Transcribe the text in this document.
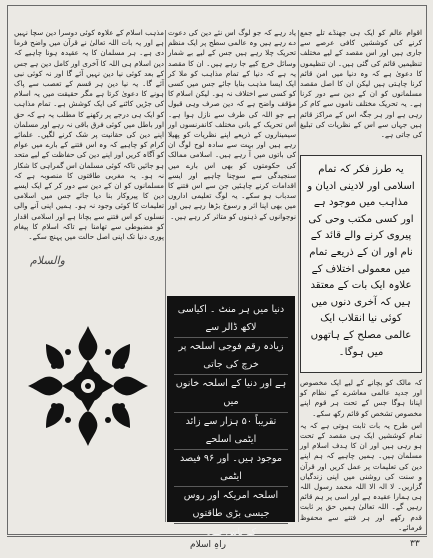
مذہب اسلام کے علاوہ کوئی دوسرا دین سچا نہیں ہے اور یہ بات اللہ تعالیٰ نے قرآن میں واضح فرما دی ہے۔ ہر مسلمان کا یہ عقیدہ ہونا چاہیے کہ دین اسلام ہی اللہ کا آخری اور کامل دین ہے جس کے بعد کوئی نیا دین نہیں آئے گا اور نہ کوئی نبی آئے گا۔ یہ نیا دین ہر قسم کے تعصب سے پاک ہونے کا دعویٰ کرتا ہے مگر حقیقت میں یہ اسلام کی جڑیں کاٹنے کی ایک کوشش ہے۔ تمام مذاہب کو ایک ہی درجے پر رکھنے کا مطلب یہ ہے کہ حق اور باطل میں کوئی فرق باقی نہ رہے اور مسلمان اپنے دین کی حقانیت پر شک کرنے لگیں۔ علمائے کرام کو چاہیے کہ وہ اس فتنے کے بارے میں عوام کو آگاہ کریں اور اپنے دین کی حفاظت کے لیے متحد ہو جائیں تاکہ کوئی مسلمان اس گمراہی کا شکار نہ ہو۔ یہ مغربی طاقتوں کا منصوبہ ہے کہ مسلمانوں کو ان کے دین سے دور کر کے ایک ایسے دین کا پیروکار بنا دیا جائے جس میں اسلامی تعلیمات کا کوئی وجود نہ ہو۔ ہمیں اپنی آنے والی نسلوں کو اس فتنے سے بچانا ہے اور اسلامی اقدار کو مضبوطی سے تھامنا ہے تاکہ اسلام کا پیغام پوری دنیا تک اپنی اصل حالت میں پہنچ سکے۔

والسلام

یاد رہے کہ جو لوگ اس نئے دین کی دعوت دے رہے ہیں وہ عالمی سطح پر ایک منظم تحریک چلا رہے ہیں جس کے لیے بے شمار وسائل خرچ کیے جا رہے ہیں۔ ان کا مقصد یہ ہے کہ دنیا کے تمام مذاہب کو ملا کر ایک ایسا مذہب بنایا جائے جس میں کسی کو کسی سے اختلاف نہ ہو۔ لیکن اسلام کا مؤقف واضح ہے کہ دین صرف وہی قبول ہے جو اللہ کی طرف سے نازل ہوا ہے۔ اس تحریک کے بانی مختلف کانفرنسوں اور سیمیناروں کے ذریعے اپنے نظریات کو پھیلا رہے ہیں اور بہت سے سادہ لوح لوگ ان کی باتوں میں آ رہے ہیں۔ اسلامی ممالک کی حکومتوں کو بھی اس بارے میں سنجیدگی سے سوچنا چاہیے اور ایسے اقدامات کرنے چاہئیں جن سے اس فتنے کا سدباب ہو سکے۔ یہ لوگ تعلیمی اداروں میں بھی اپنا اثر و رسوخ بڑھا رہے ہیں اور نوجوانوں کے ذہنوں کو متاثر کر رہے ہیں۔

اقوام عالم کو ایک ہی جھنڈے تلے جمع کرنے کی کوششیں کافی عرصے سے جاری ہیں اور اس مقصد کے لیے مختلف تنظیمیں قائم کی گئی ہیں۔ ان تنظیموں کا دعویٰ ہے کہ وہ دنیا میں امن قائم کرنا چاہتی ہیں لیکن ان کا اصل مقصد مسلمانوں کو ان کے دین سے دور کرنا ہے۔ یہ تحریک مختلف ناموں سے کام کر رہی ہے اور ہر جگہ اس کے مراکز قائم ہیں جہاں سے اس کے نظریات کی تبلیغ کی جاتی ہے۔

یہ طرز فکر کہ تمام اسلامی اور لادینی ادیان و مذاہب میں موجود ہے اور کسی مکتب وحی کی پیروی کرنے والے قائد کے نام اور ان کے ذریعے تمام میں معمولی اختلاف کے علاوہ ایک بات کے معتقد ہیں کہ آخری دنوں میں کوئی نیا انقلاب ایک عالمی مصلح کے ہاتھوں میں ہوگا۔

کہ مالک کو بچانے کے لیے ایک مخصوص اور جدید عالمی معاشرے کے نظام کو اپنانا ہوگا جس کے تحت ہر قوم اپنے مخصوص تشخص کو قائم رکھ سکے۔

اس طرح یہ بات ثابت ہوتی ہے کہ یہ تمام کوششیں ایک ہی مقصد کے تحت ہو رہی ہیں اور ان کا ہدف اسلام اور مسلمان ہیں۔ ہمیں چاہیے کہ ہم اپنے دین کی تعلیمات پر عمل کریں اور قرآن و سنت کی روشنی میں اپنی زندگیاں گزاریں۔ لا الہ الا اللہ محمد رسول اللہ ہی ہمارا عقیدہ ہے اور اسی پر ہم قائم رہیں گے۔ اللہ تعالیٰ ہمیں حق پر ثابت قدم رکھے اور ہر فتنے سے محفوظ فرمائے۔

دنیا میں ہر منٹ ۔ اکیاسی لاکھ ڈالر سے
زیادہ رقم فوجی اسلحہ پر خرچ کی جاتی
ہے اور دنیا کے اسلحہ خانوں میں
تقریباً ۵۰ ہزار سے زائد ایٹمی اسلحے
موجود ہیں۔ اور ۹۶ فیصد ایٹمی
اسلحہ امریکہ اور روس جیسی بڑی طاقتوں
کے پاس ہے۔
راہِ اسلام	۳۳
